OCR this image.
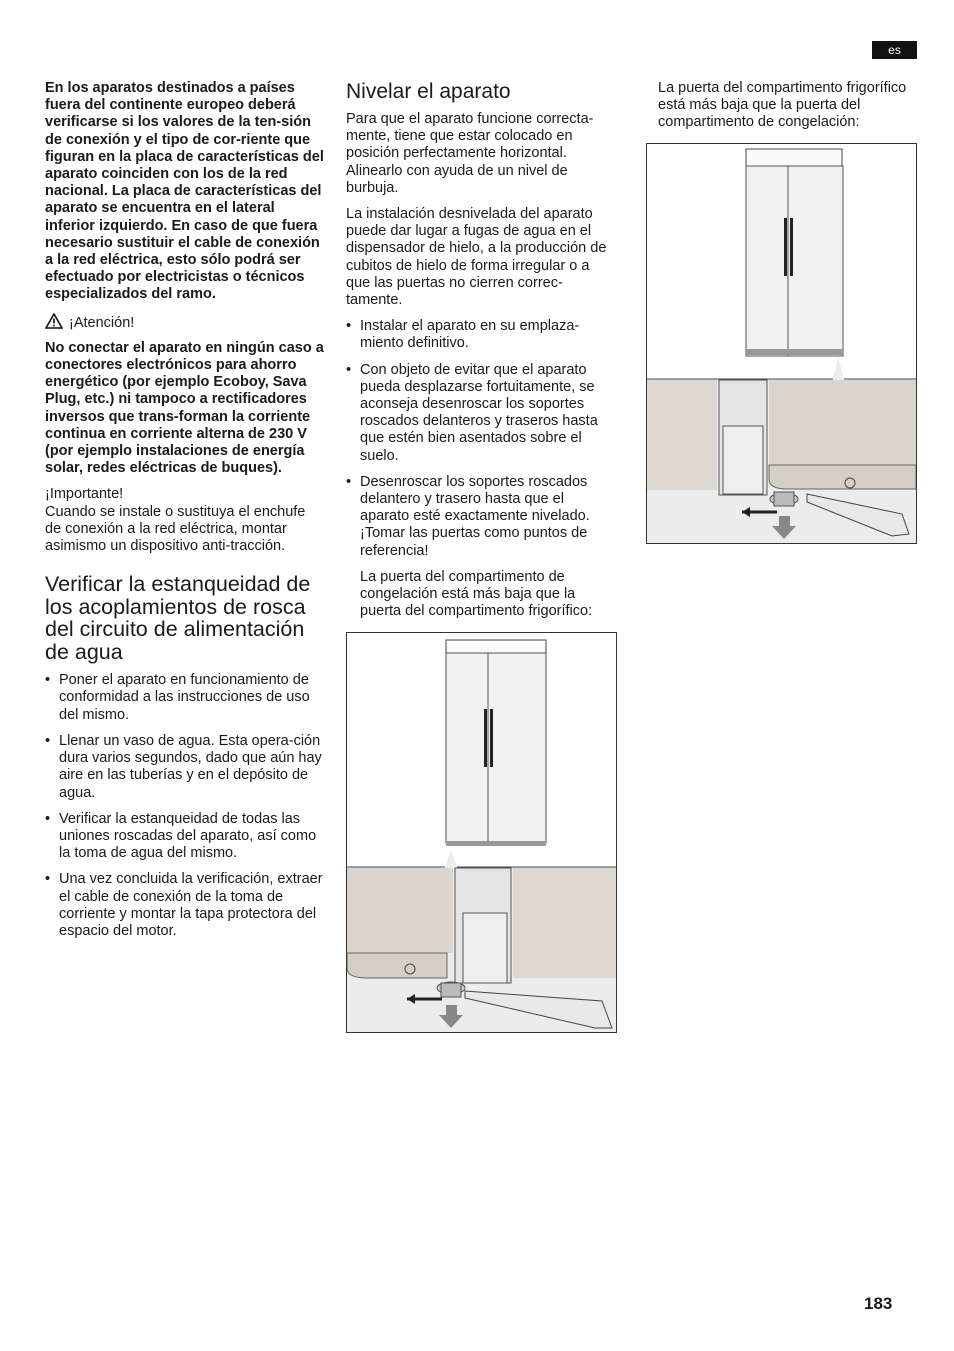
es

En los aparatos destinados a países fuera del continente europeo deberá verificarse si los valores de la ten-sión de conexión y el tipo de cor-riente que figuran en la placa de características del aparato coinciden con los de la red nacional. La placa de características del aparato se encuentra en el lateral inferior izquierdo. En caso de que fuera necesario sustituir el cable de conexión a la red eléctrica, esto sólo podrá ser efectuado por electricistas o técnicos especializados del ramo.

¡Atención!

No conectar el aparato en ningún caso a conectores electrónicos para ahorro energético (por ejemplo Ecoboy, Sava Plug, etc.) ni tampoco a rectificadores inversos que trans-forman la corriente continua en corriente alterna de 230 V (por ejemplo instalaciones de energía solar, redes eléctricas de buques).

¡Importante!

Cuando se instale o sustituya el enchufe de conexión a la red eléctrica, montar asimismo un dispositivo anti-tracción.

Verificar la estanqueidad de los acoplamientos de rosca del circuito de alimentación de agua
• Poner el aparato en funcionamiento de conformidad a las instrucciones de uso del mismo.
• Llenar un vaso de agua. Esta opera-ción dura varios segundos, dado que aún hay aire en las tuberías y en el depósito de agua.
• Verificar la estanqueidad de todas las uniones roscadas del aparato, así como la toma de agua del mismo.
• Una vez concluida la verificación, extraer el cable de conexión de la toma de corriente y montar la tapa protectora del espacio del motor.
Nivelar el aparato

Para que el aparato funcione correcta-mente, tiene que estar colocado en posición perfectamente horizontal. Alinearlo con ayuda de un nivel de burbuja.

La instalación desnivelada del aparato puede dar lugar a fugas de agua en el dispensador de hielo, a la producción de cubitos de hielo de forma irregular o a que las puertas no cierren correc-tamente.

• Instalar el aparato en su emplaza-miento definitivo.
• Con objeto de evitar que el aparato pueda desplazarse fortuitamente, se aconseja desenroscar los soportes roscados delanteros y traseros hasta que estén bien asentados sobre el suelo.
• Desenroscar los soportes roscados delantero y trasero hasta que el aparato esté exactamente nivelado. ¡Tomar las puertas como puntos de referencia!

La puerta del compartimento de congelación está más baja que la puerta del compartimento frigorífico:

La puerta del compartimento frigorífico está más baja que la puerta del compartimento de congelación:

183
